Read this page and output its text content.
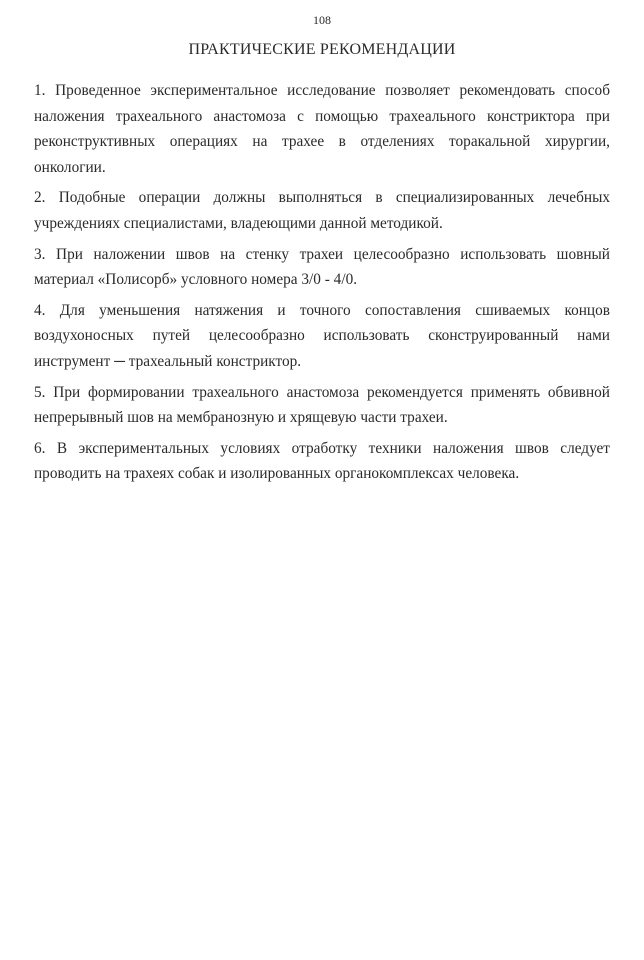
108
ПРАКТИЧЕСКИЕ РЕКОМЕНДАЦИИ

1. Проведенное экспериментальное исследование позволяет рекомендовать способ наложения трахеального анастомоза с помощью трахеального констриктора при реконструктивных операциях на трахее в отделениях торакальной хирургии, онкологии.

2. Подобные операции должны выполняться в специализированных лечебных учреждениях специалистами, владеющими данной методикой.

3. При наложении швов на стенку трахеи целесообразно использовать шовный материал «Полисорб» условного номера 3/0 - 4/0.

4. Для уменьшения натяжения и точного сопоставления сшиваемых концов воздухоносных путей целесообразно использовать сконструированный нами инструмент ─ трахеальный констриктор.

5. При формировании трахеального анастомоза рекомендуется применять обвивной непрерывный шов на мембранозную и хрящевую части трахеи.

6. В экспериментальных условиях отработку техники наложения швов следует проводить на трахеях собак и изолированных органокомплексах человека.
